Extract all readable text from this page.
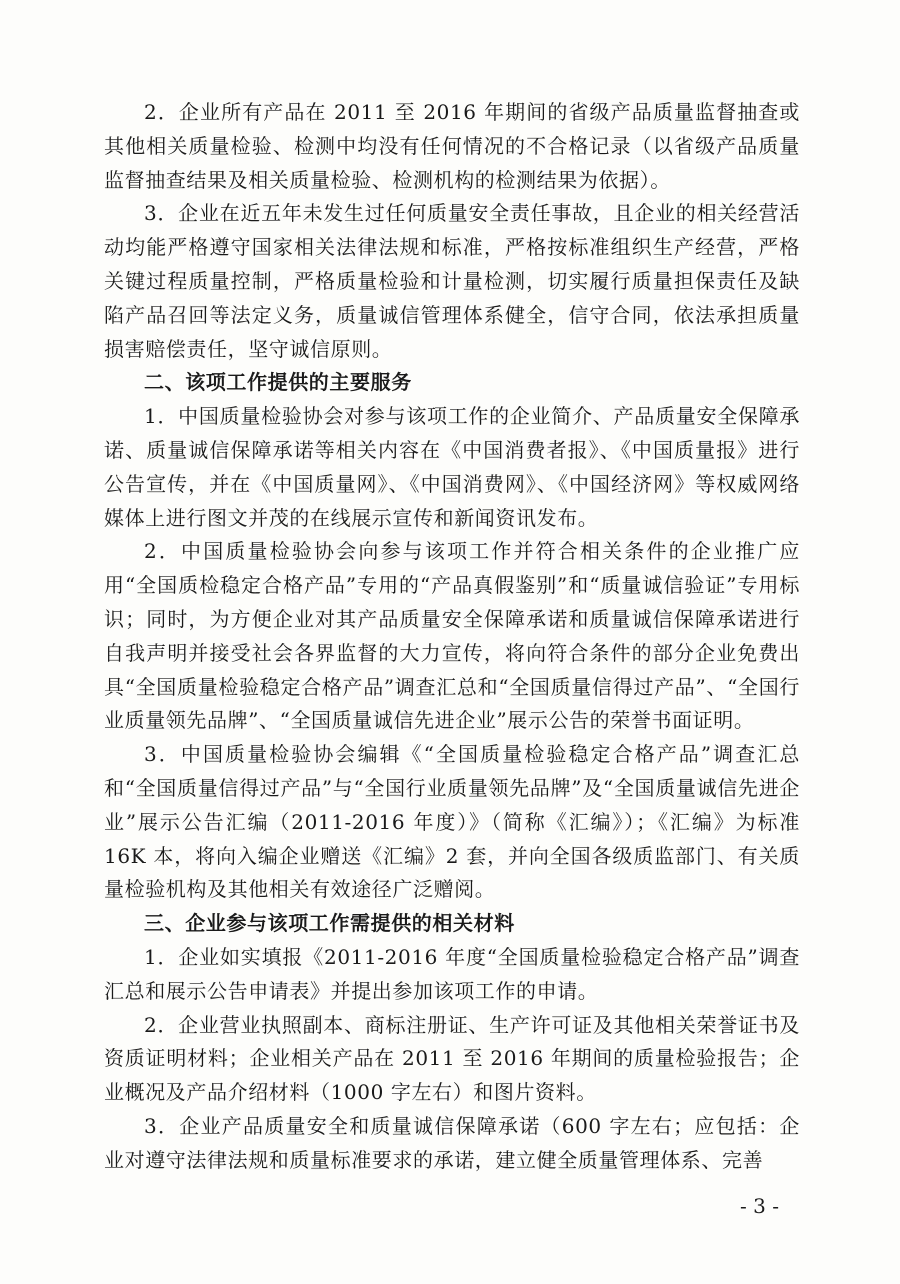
2．企业所有产品在 2011 至 2016 年期间的省级产品质量监督抽查或其他相关质量检验、检测中均没有任何情况的不合格记录（以省级产品质量监督抽查结果及相关质量检验、检测机构的检测结果为依据）。

3．企业在近五年未发生过任何质量安全责任事故，且企业的相关经营活动均能严格遵守国家相关法律法规和标准，严格按标准组织生产经营，严格关键过程质量控制，严格质量检验和计量检测，切实履行质量担保责任及缺陷产品召回等法定义务，质量诚信管理体系健全，信守合同，依法承担质量损害赔偿责任，坚守诚信原则。

二、该项工作提供的主要服务

1．中国质量检验协会对参与该项工作的企业简介、产品质量安全保障承诺、质量诚信保障承诺等相关内容在《中国消费者报》、《中国质量报》进行公告宣传，并在《中国质量网》、《中国消费网》、《中国经济网》等权威网络媒体上进行图文并茂的在线展示宣传和新闻资讯发布。

2．中国质量检验协会向参与该项工作并符合相关条件的企业推广应用“全国质检稳定合格产品”专用的“产品真假鉴别”和“质量诚信验证”专用标识；同时，为方便企业对其产品质量安全保障承诺和质量诚信保障承诺进行自我声明并接受社会各界监督的大力宣传，将向符合条件的部分企业免费出具“全国质量检验稳定合格产品”调查汇总和“全国质量信得过产品”、“全国行业质量领先品牌”、“全国质量诚信先进企业”展示公告的荣誉书面证明。

3．中国质量检验协会编辑《“全国质量检验稳定合格产品”调查汇总和“全国质量信得过产品”与“全国行业质量领先品牌”及“全国质量诚信先进企业”展示公告汇编（2011-2016 年度）》（简称《汇编》）；《汇编》为标准 16K 本，将向入编企业赠送《汇编》2 套，并向全国各级质监部门、有关质量检验机构及其他相关有效途径广泛赠阅。

三、企业参与该项工作需提供的相关材料

1．企业如实填报《2011-2016 年度“全国质量检验稳定合格产品”调查汇总和展示公告申请表》并提出参加该项工作的申请。

2．企业营业执照副本、商标注册证、生产许可证及其他相关荣誉证书及资质证明材料；企业相关产品在 2011 至 2016 年期间的质量检验报告；企业概况及产品介绍材料（1000 字左右）和图片资料。

3．企业产品质量安全和质量诚信保障承诺（600 字左右；应包括：企业对遵守法律法规和质量标准要求的承诺，建立健全质量管理体系、完善

- 3 -
